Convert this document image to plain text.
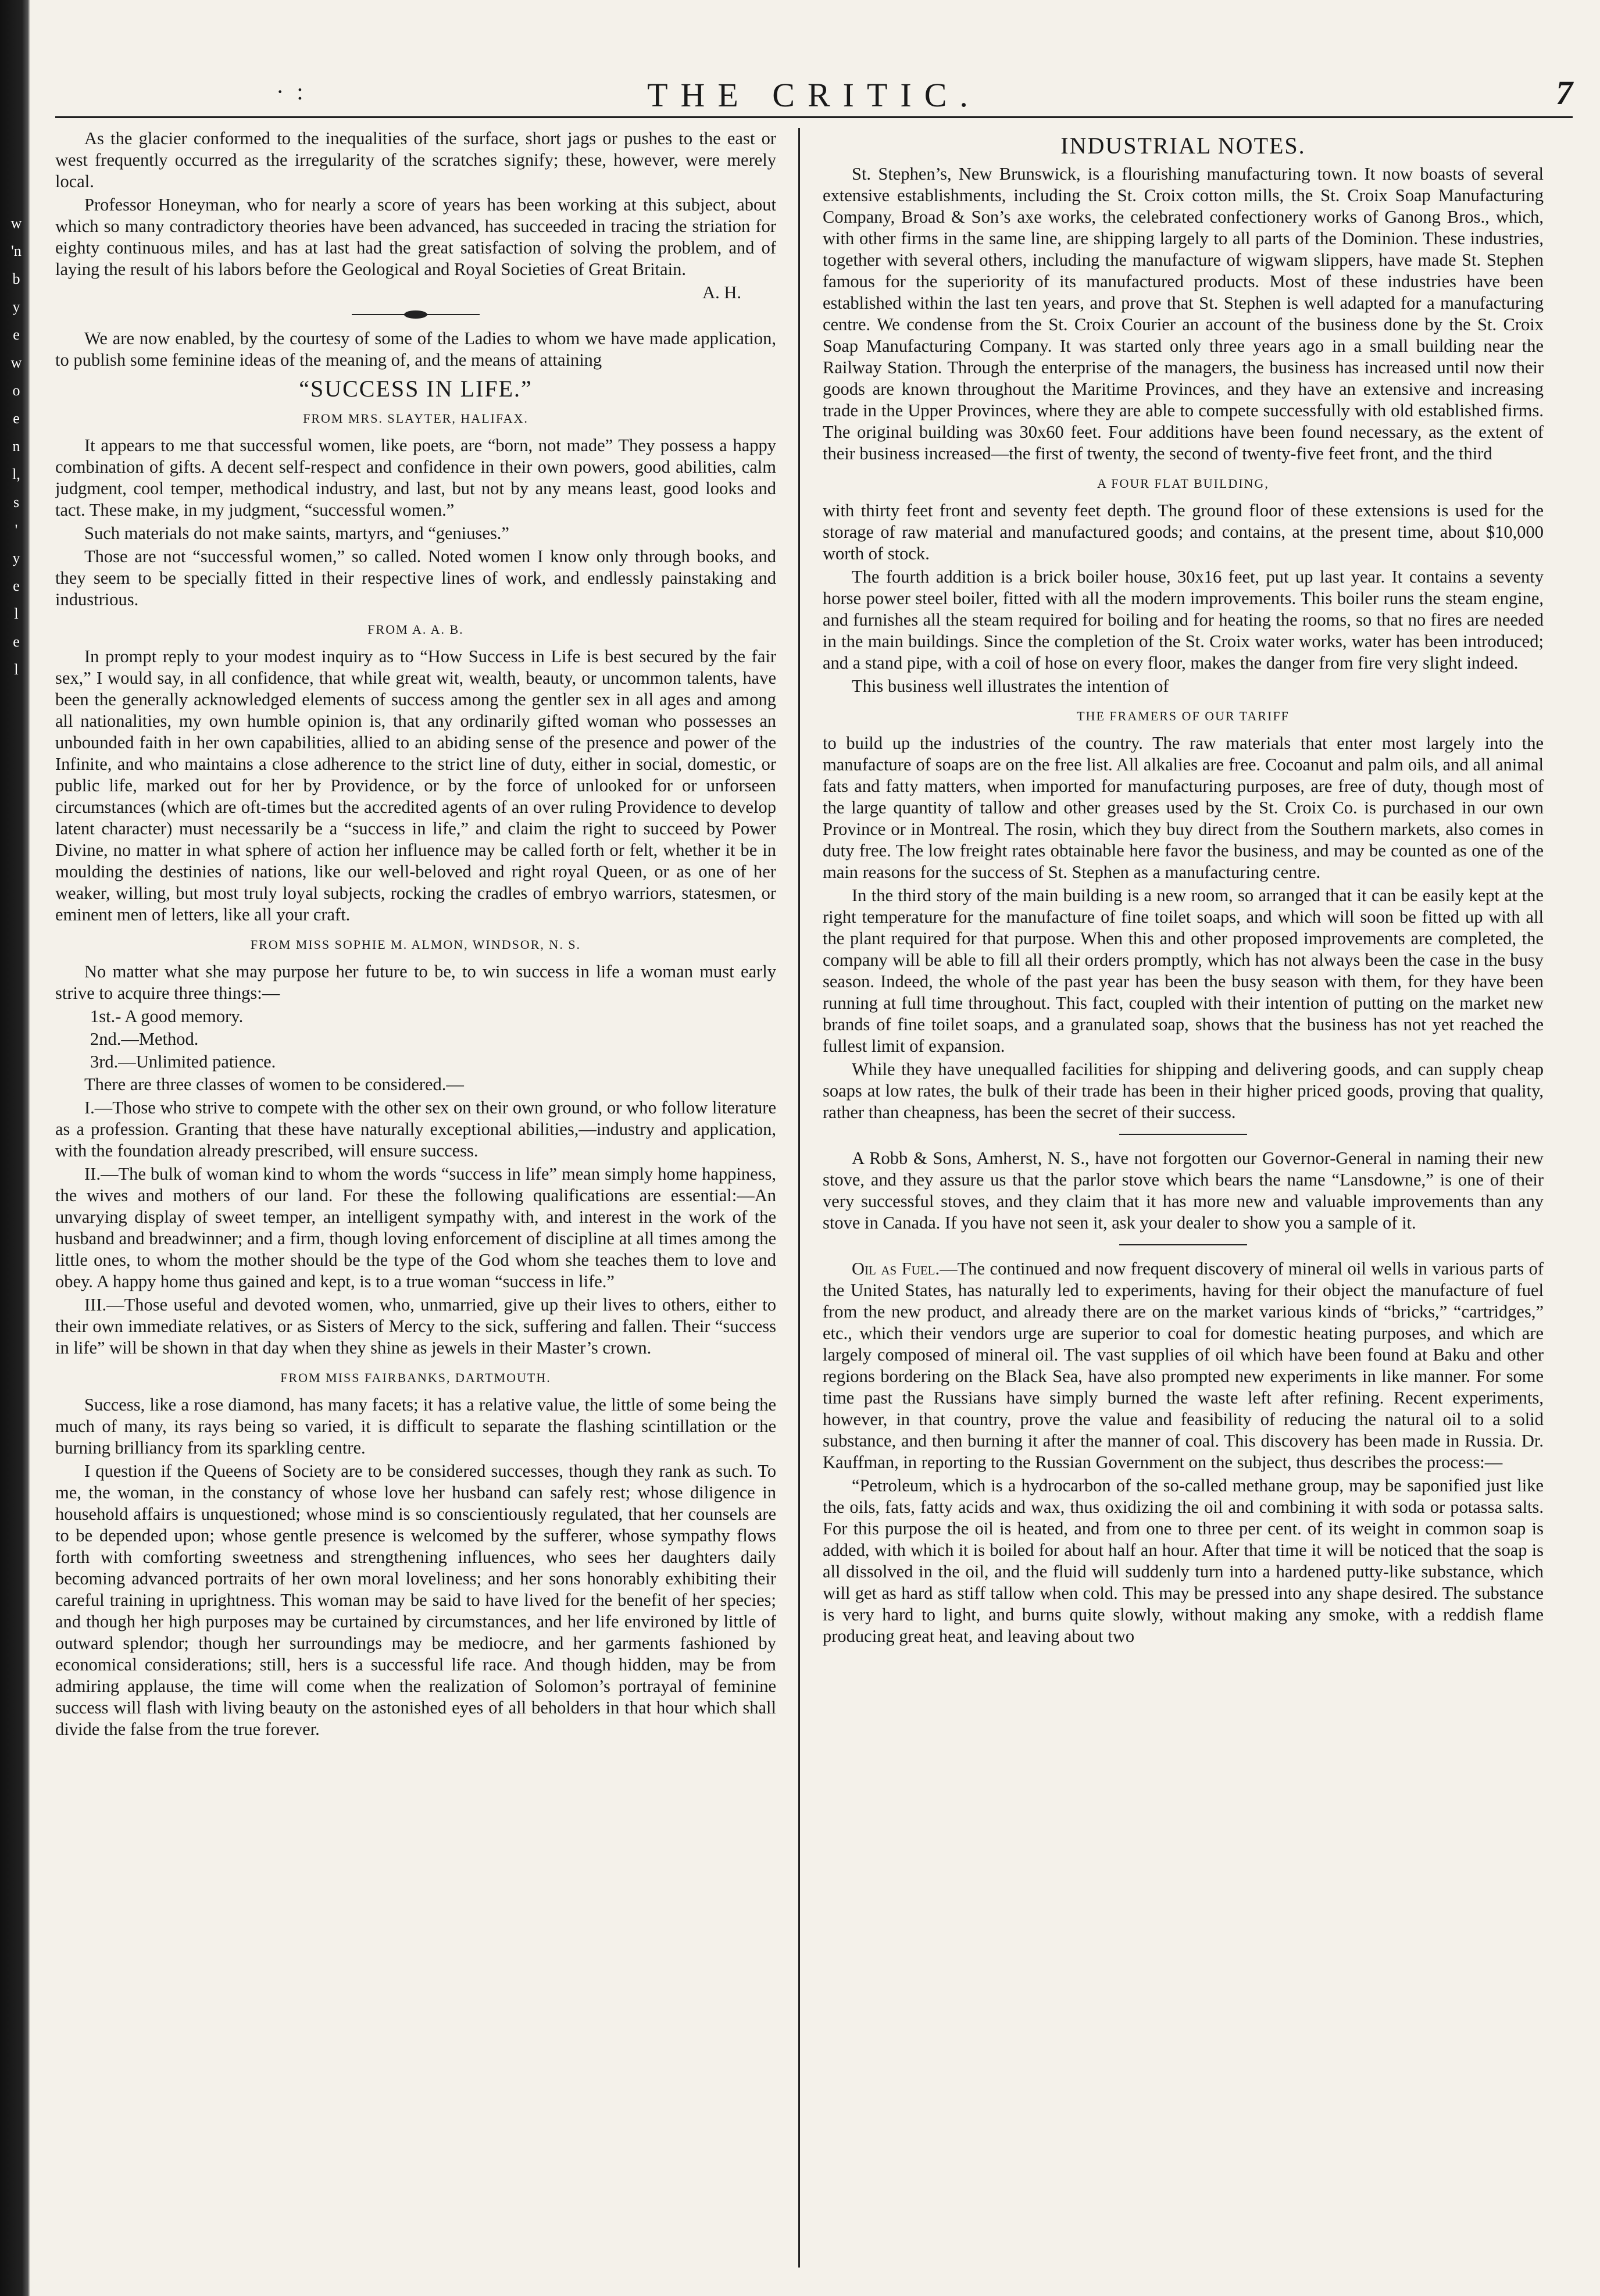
w
'n
b
y
e
w
o
e
n
l,
s
'
y
e
l
e
l
· :	THE CRITIC.	7

As the glacier conformed to the inequalities of the surface, short jags or pushes to the east or west frequently occurred as the irregularity of the scratches signify; these, however, were merely local.

Professor Honeyman, who for nearly a score of years has been working at this subject, about which so many contradictory theories have been advanced, has succeeded in tracing the striation for eighty continuous miles, and has at last had the great satisfaction of solving the problem, and of laying the result of his labors before the Geological and Royal Societies of Great Britain.

A. H.

We are now enabled, by the courtesy of some of the Ladies to whom we have made application, to publish some feminine ideas of the meaning of, and the means of attaining

“SUCCESS IN LIFE.”
FROM MRS. SLAYTER, HALIFAX.

It appears to me that successful women, like poets, are “born, not made” They possess a happy combination of gifts. A decent self-respect and confidence in their own powers, good abilities, calm judgment, cool temper, methodical industry, and last, but not by any means least, good looks and tact. These make, in my judgment, “successful women.”

Such materials do not make saints, martyrs, and “geniuses.”

Those are not “successful women,” so called. Noted women I know only through books, and they seem to be specially fitted in their respective lines of work, and endlessly painstaking and industrious.

FROM A. A. B.

In prompt reply to your modest inquiry as to “How Success in Life is best secured by the fair sex,” I would say, in all confidence, that while great wit, wealth, beauty, or uncommon talents, have been the generally acknowledged elements of success among the gentler sex in all ages and among all nationalities, my own humble opinion is, that any ordinarily gifted woman who possesses an unbounded faith in her own capabilities, allied to an abiding sense of the presence and power of the Infinite, and who maintains a close adherence to the strict line of duty, either in social, domestic, or public life, marked out for her by Providence, or by the force of unlooked for or unforseen circumstances (which are oft-times but the accredited agents of an over ruling Providence to develop latent character) must necessarily be a “success in life,” and claim the right to succeed by Power Divine, no matter in what sphere of action her influence may be called forth or felt, whether it be in moulding the destinies of nations, like our well-beloved and right royal Queen, or as one of her weaker, willing, but most truly loyal subjects, rocking the cradles of embryo warriors, statesmen, or eminent men of letters, like all your craft.

FROM MISS SOPHIE M. ALMON, WINDSOR, N. S.

No matter what she may purpose her future to be, to win success in life a woman must early strive to acquire three things:—

1st.- A good memory.

2nd.—Method.

3rd.—Unlimited patience.

There are three classes of women to be considered.—

I.—Those who strive to compete with the other sex on their own ground, or who follow literature as a profession. Granting that these have naturally exceptional abilities,—industry and application, with the foundation already prescribed, will ensure success.

II.—The bulk of woman kind to whom the words “success in life” mean simply home happiness, the wives and mothers of our land. For these the following qualifications are essential:—An unvarying display of sweet temper, an intelligent sympathy with, and interest in the work of the husband and breadwinner; and a firm, though loving enforcement of discipline at all times among the little ones, to whom the mother should be the type of the God whom she teaches them to love and obey. A happy home thus gained and kept, is to a true woman “success in life.”

III.—Those useful and devoted women, who, unmarried, give up their lives to others, either to their own immediate relatives, or as Sisters of Mercy to the sick, suffering and fallen. Their “success in life” will be shown in that day when they shine as jewels in their Master’s crown.

FROM MISS FAIRBANKS, DARTMOUTH.

Success, like a rose diamond, has many facets; it has a relative value, the little of some being the much of many, its rays being so varied, it is difficult to separate the flashing scintillation or the burning brilliancy from its sparkling centre.

I question if the Queens of Society are to be considered successes, though they rank as such. To me, the woman, in the constancy of whose love her husband can safely rest; whose diligence in household affairs is unquestioned; whose mind is so conscientiously regulated, that her counsels are to be depended upon; whose gentle presence is welcomed by the sufferer, whose sympathy flows forth with comforting sweetness and strengthening influences, who sees her daughters daily becoming advanced portraits of her own moral loveliness; and her sons honorably exhibiting their careful training in uprightness. This woman may be said to have lived for the benefit of her species; and though her high purposes may be curtained by circumstances, and her life environed by little of outward splendor; though her surroundings may be mediocre, and her garments fashioned by economical considerations; still, hers is a successful life race. And though hidden, may be from admiring applause, the time will come when the realization of Solomon’s portrayal of feminine success will flash with living beauty on the astonished eyes of all beholders in that hour which shall divide the false from the true forever.

INDUSTRIAL NOTES.

St. Stephen’s, New Brunswick, is a flourishing manufacturing town. It now boasts of several extensive establishments, including the St. Croix cotton mills, the St. Croix Soap Manufacturing Company, Broad & Son’s axe works, the celebrated confectionery works of Ganong Bros., which, with other firms in the same line, are shipping largely to all parts of the Dominion. These industries, together with several others, including the manufacture of wigwam slippers, have made St. Stephen famous for the superiority of its manufactured products. Most of these industries have been established within the last ten years, and prove that St. Stephen is well adapted for a manufacturing centre. We condense from the St. Croix Courier an account of the business done by the St. Croix Soap Manufacturing Company. It was started only three years ago in a small building near the Railway Station. Through the enterprise of the managers, the business has increased until now their goods are known throughout the Maritime Provinces, and they have an extensive and increasing trade in the Upper Provinces, where they are able to compete successfully with old established firms. The original building was 30x60 feet. Four additions have been found necessary, as the extent of their business increased—the first of twenty, the second of twenty-five feet front, and the third

A FOUR FLAT BUILDING,

with thirty feet front and seventy feet depth. The ground floor of these extensions is used for the storage of raw material and manufactured goods; and contains, at the present time, about $10,000 worth of stock.

The fourth addition is a brick boiler house, 30x16 feet, put up last year. It contains a seventy horse power steel boiler, fitted with all the modern improvements. This boiler runs the steam engine, and furnishes all the steam required for boiling and for heating the rooms, so that no fires are needed in the main buildings. Since the completion of the St. Croix water works, water has been introduced; and a stand pipe, with a coil of hose on every floor, makes the danger from fire very slight indeed.

This business well illustrates the intention of

THE FRAMERS OF OUR TARIFF

to build up the industries of the country. The raw materials that enter most largely into the manufacture of soaps are on the free list. All alkalies are free. Cocoanut and palm oils, and all animal fats and fatty matters, when imported for manufacturing purposes, are free of duty, though most of the large quantity of tallow and other greases used by the St. Croix Co. is purchased in our own Province or in Montreal. The rosin, which they buy direct from the Southern markets, also comes in duty free. The low freight rates obtainable here favor the business, and may be counted as one of the main reasons for the success of St. Stephen as a manufacturing centre.

In the third story of the main building is a new room, so arranged that it can be easily kept at the right temperature for the manufacture of fine toilet soaps, and which will soon be fitted up with all the plant required for that purpose. When this and other proposed improvements are completed, the company will be able to fill all their orders promptly, which has not always been the case in the busy season. Indeed, the whole of the past year has been the busy season with them, for they have been running at full time throughout. This fact, coupled with their intention of putting on the market new brands of fine toilet soaps, and a granulated soap, shows that the business has not yet reached the fullest limit of expansion.

While they have unequalled facilities for shipping and delivering goods, and can supply cheap soaps at low rates, the bulk of their trade has been in their higher priced goods, proving that quality, rather than cheapness, has been the secret of their success.

A Robb & Sons, Amherst, N. S., have not forgotten our Governor-General in naming their new stove, and they assure us that the parlor stove which bears the name “Lansdowne,” is one of their very successful stoves, and they claim that it has more new and valuable improvements than any stove in Canada. If you have not seen it, ask your dealer to show you a sample of it.

Oil as Fuel.—The continued and now frequent discovery of mineral oil wells in various parts of the United States, has naturally led to experiments, having for their object the manufacture of fuel from the new product, and already there are on the market various kinds of “bricks,” “cartridges,” etc., which their vendors urge are superior to coal for domestic heating purposes, and which are largely composed of mineral oil. The vast supplies of oil which have been found at Baku and other regions bordering on the Black Sea, have also prompted new experiments in like manner. For some time past the Russians have simply burned the waste left after refining. Recent experiments, however, in that country, prove the value and feasibility of reducing the natural oil to a solid substance, and then burning it after the manner of coal. This discovery has been made in Russia. Dr. Kauffman, in reporting to the Russian Government on the subject, thus describes the process:—

“Petroleum, which is a hydrocarbon of the so-called methane group, may be saponified just like the oils, fats, fatty acids and wax, thus oxidizing the oil and combining it with soda or potassa salts. For this purpose the oil is heated, and from one to three per cent. of its weight in common soap is added, with which it is boiled for about half an hour. After that time it will be noticed that the soap is all dissolved in the oil, and the fluid will suddenly turn into a hardened putty-like substance, which will get as hard as stiff tallow when cold. This may be pressed into any shape desired. The substance is very hard to light, and burns quite slowly, without making any smoke, with a reddish flame producing great heat, and leaving about two
